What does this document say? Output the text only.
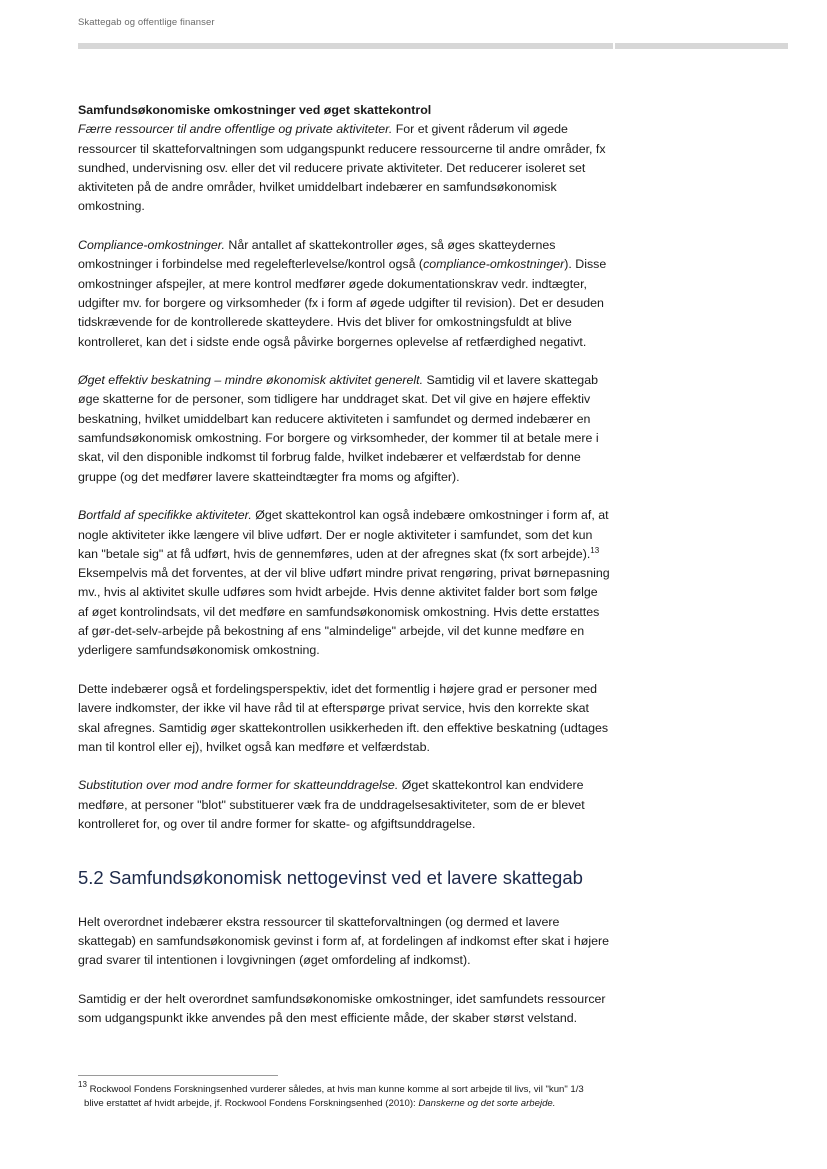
Skattegab og offentlige finanser

Samfundsøkonomiske omkostninger ved øget skattekontrol
Færre ressourcer til andre offentlige og private aktiviteter. For et givent råderum vil øgede ressourcer til skatteforvaltningen som udgangspunkt reducere ressourcerne til andre områder, fx sundhed, undervisning osv. eller det vil reducere private aktiviteter. Det reducerer isoleret set aktiviteten på de andre områder, hvilket umiddelbart indebærer en samfundsøkonomisk omkostning.

Compliance-omkostninger. Når antallet af skattekontroller øges, så øges skatteydernes omkostninger i forbindelse med regelefterlevelse/kontrol også (compliance-omkostninger). Disse omkostninger afspejler, at mere kontrol medfører øgede dokumentationskrav vedr. indtægter, udgifter mv. for borgere og virksomheder (fx i form af øgede udgifter til revision). Det er desuden tidskrævende for de kontrollerede skatteydere. Hvis det bliver for omkostningsfuldt at blive kontrolleret, kan det i sidste ende også påvirke borgernes oplevelse af retfærdighed negativt.

Øget effektiv beskatning – mindre økonomisk aktivitet generelt. Samtidig vil et lavere skattegab øge skatterne for de personer, som tidligere har unddraget skat. Det vil give en højere effektiv beskatning, hvilket umiddelbart kan reducere aktiviteten i samfundet og dermed indebærer en samfundsøkonomisk omkostning. For borgere og virksomheder, der kommer til at betale mere i skat, vil den disponible indkomst til forbrug falde, hvilket indebærer et velfærdstab for denne gruppe (og det medfører lavere skatteindtægter fra moms og afgifter).

Bortfald af specifikke aktiviteter. Øget skattekontrol kan også indebære omkostninger i form af, at nogle aktiviteter ikke længere vil blive udført. Der er nogle aktiviteter i samfundet, som det kun kan "betale sig" at få udført, hvis de gennemføres, uden at der afregnes skat (fx sort arbejde).$^{13}$ Eksempelvis må det forventes, at der vil blive udført mindre privat rengøring, privat børnepasning mv., hvis al aktivitet skulle udføres som hvidt arbejde. Hvis denne aktivitet falder bort som følge af øget kontrolindsats, vil det medføre en samfundsøkonomisk omkostning. Hvis dette erstattes af gør-det-selv-arbejde på bekostning af ens "almindelige" arbejde, vil det kunne medføre en yderligere samfundsøkonomisk omkostning.

Dette indebærer også et fordelingsperspektiv, idet det formentlig i højere grad er personer med lavere indkomster, der ikke vil have råd til at efterspørge privat service, hvis den korrekte skat skal afregnes. Samtidig øger skattekontrollen usikkerheden ift. den effektive beskatning (udtages man til kontrol eller ej), hvilket også kan medføre et velfærdstab.

Substitution over mod andre former for skatteunddragelse. Øget skattekontrol kan endvidere medføre, at personer "blot" substituerer væk fra de unddragelsesaktiviteter, som de er blevet kontrolleret for, og over til andre former for skatte- og afgiftsunddragelse.

5.2 Samfundsøkonomisk nettogevinst ved et lavere skattegab

Helt overordnet indebærer ekstra ressourcer til skatteforvaltningen (og dermed et lavere skattegab) en samfundsøkonomisk gevinst i form af, at fordelingen af indkomst efter skat i højere grad svarer til intentionen i lovgivningen (øget omfordeling af indkomst).

Samtidig er der helt overordnet samfundsøkonomiske omkostninger, idet samfundets ressourcer som udgangspunkt ikke anvendes på den mest efficiente måde, der skaber størst velstand.

$^{13}$ Rockwool Fondens Forskningsenhed vurderer således, at hvis man kunne komme al sort arbejde til livs, vil "kun" 1/3
blive erstattet af hvidt arbejde, jf. Rockwool Fondens Forskningsenhed (2010): Danskerne og det sorte arbejde.
